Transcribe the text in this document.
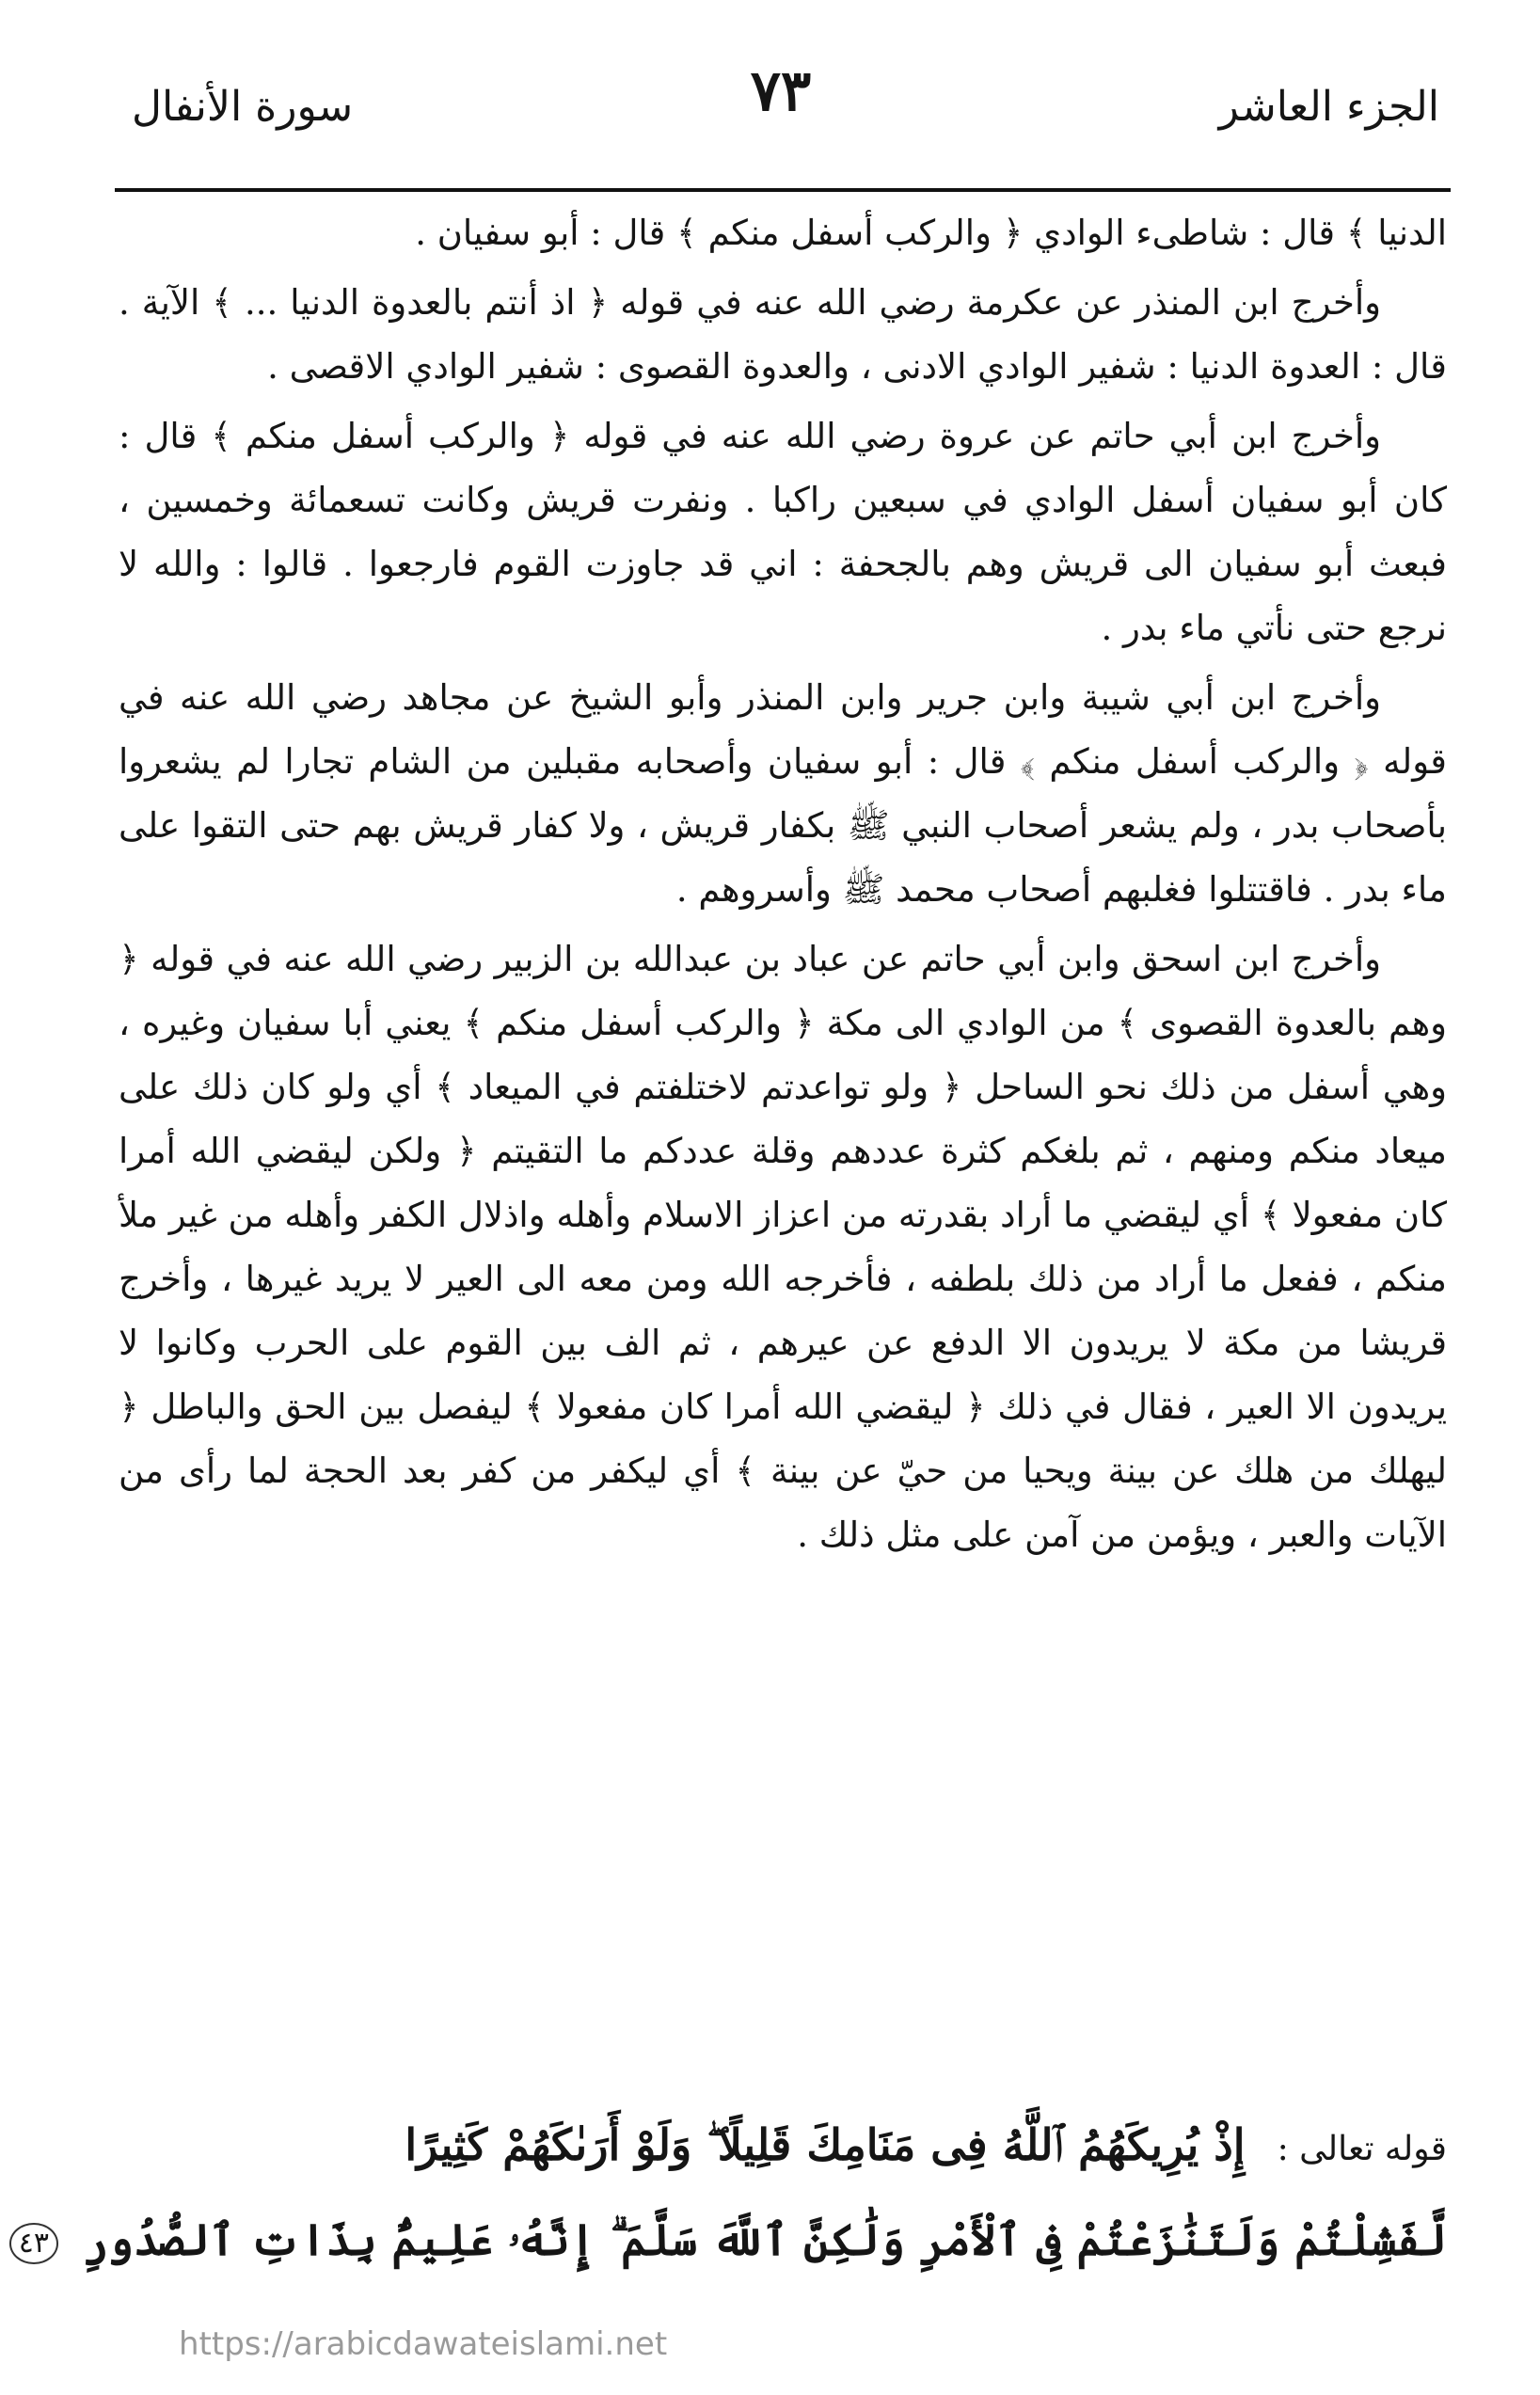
الجزء العاشر
٧٣
سورة الأنفال

الدنيا ﴾ قال : شاطىء الوادي ﴿ والركب أسفل منكم ﴾ قال : أبو سفيان .

وأخرج ابن المنذر عن عكرمة رضي الله عنه في قوله ﴿ اذ أنتم بالعدوة الدنيا ... ﴾ الآية . قال : العدوة الدنيا : شفير الوادي الادنى ، والعدوة القصوى : شفير الوادي الاقصى .

وأخرج ابن أبي حاتم عن عروة رضي الله عنه في قوله ﴿ والركب أسفل منكم ﴾ قال : كان أبو سفيان أسفل الوادي في سبعين راكبا . ونفرت قريش وكانت تسعمائة وخمسين ، فبعث أبو سفيان الى قريش وهم بالجحفة : اني قد جاوزت القوم فارجعوا . قالوا : والله لا نرجع حتى نأتي ماء بدر .

وأخرج ابن أبي شيبة وابن جرير وابن المنذر وأبو الشيخ عن مجاهد رضي الله عنه في قوله ﴿ والركب أسفل منكم ﴾ قال : أبو سفيان وأصحابه مقبلين من الشام تجارا لم يشعروا بأصحاب بدر ، ولم يشعر أصحاب النبي ﷺ بكفار قريش ، ولا كفار قريش بهم حتى التقوا على ماء بدر . فاقتتلوا فغلبهم أصحاب محمد ﷺ وأسروهم .

وأخرج ابن اسحق وابن أبي حاتم عن عباد بن عبدالله بن الزبير رضي الله عنه في قوله ﴿ وهم بالعدوة القصوى ﴾ من الوادي الى مكة ﴿ والركب أسفل منكم ﴾ يعني أبا سفيان وغيره ، وهي أسفل من ذلك نحو الساحل ﴿ ولو تواعدتم لاختلفتم في الميعاد ﴾ أي ولو كان ذلك على ميعاد منكم ومنهم ، ثم بلغكم كثرة عددهم وقلة عددكم ما التقيتم ﴿ ولكن ليقضي الله أمرا كان مفعولا ﴾ أي ليقضي ما أراد بقدرته من اعزاز الاسلام وأهله واذلال الكفر وأهله من غير ملأ منكم ، ففعل ما أراد من ذلك بلطفه ، فأخرجه الله ومن معه الى العير لا يريد غيرها ، وأخرج قريشا من مكة لا يريدون الا الدفع عن عيرهم ، ثم الف بين القوم على الحرب وكانوا لا يريدون الا العير ، فقال في ذلك ﴿ ليقضي الله أمرا كان مفعولا ﴾ ليفصل بين الحق والباطل ﴿ ليهلك من هلك عن بينة ويحيا من حيّ عن بينة ﴾ أي ليكفر من كفر بعد الحجة لما رأى من الآيات والعبر ، ويؤمن من آمن على مثل ذلك .

قوله تعالى : إِذْ يُرِيكَهُمُ ٱللَّهُ فِى مَنَامِكَ قَلِيلًا ۖ وَلَوْ أَرَىٰكَهُمْ كَثِيرًا
لَّفَشِلْتُمْ وَلَتَنَٰزَعْتُمْ فِى ٱلْأَمْرِ وَلَٰكِنَّ ٱللَّهَ سَلَّمَ ۗ إِنَّهُۥ عَلِيمٌۢ بِذَاتِ ٱلصُّدُورِ ٤٣
https://arabicdawateislami.net
